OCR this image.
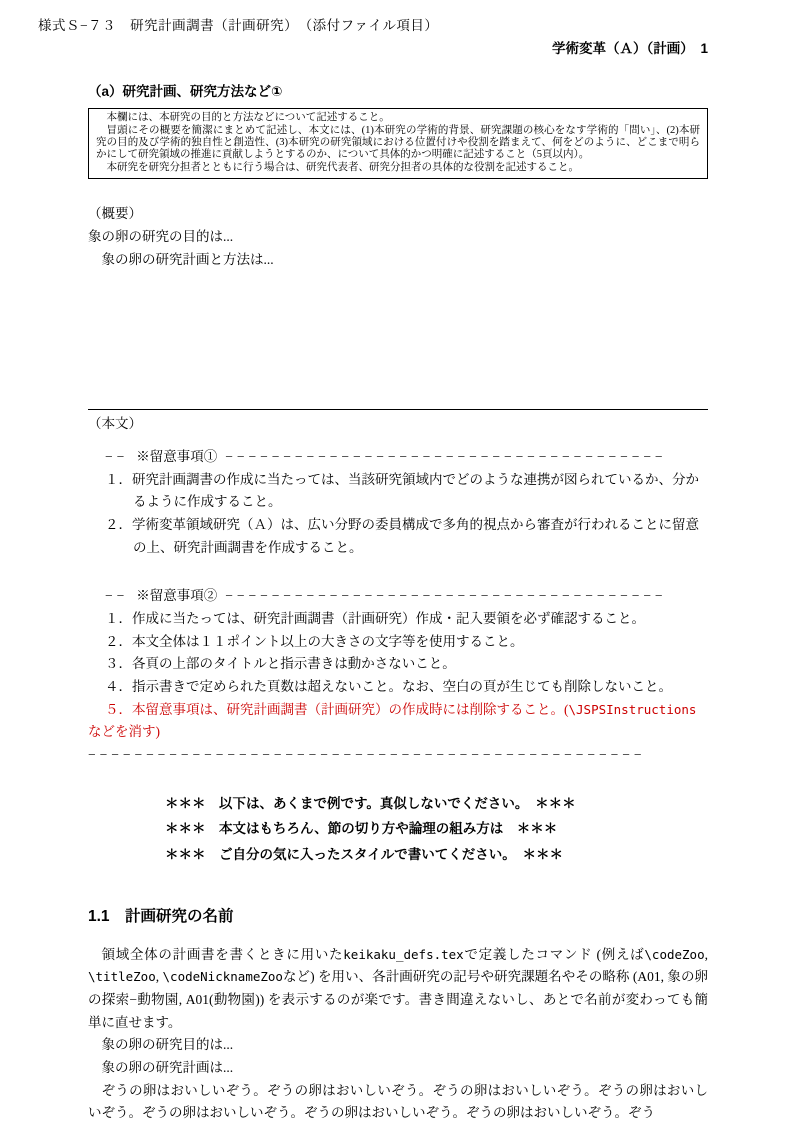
様式Ｓ−７３　研究計画調書（計画研究）　（添付ファイル項目）
学術変革（Ａ）（計画）　1
（a）研究計画、研究方法など①

本欄には、本研究の目的と方法などについて記述すること。

冒頭にその概要を簡潔にまとめて記述し、本文には、(1)本研究の学術的背景、研究課題の核心をなす学術的「問い」、(2)本研究の目的及び学術的独自性と創造性、(3)本研究の研究領域における位置付けや役割を踏まえて、何をどのように、どこまで明らかにして研究領域の推進に貢献しようとするのか、について具体的かつ明確に記述すること（5頁以内）。

本研究を研究分担者とともに行う場合は、研究代表者、研究分担者の具体的な役割を記述すること。

（概要）
象の卵の研究の目的は...
象の卵の研究計画と方法は...
（本文）
−− ※留意事項① −−−−−−−−−−−−−−−−−−−−−−−−−−−−−−−−−−−−−−
１．研究計画調書の作成に当たっては、当該研究領域内でどのような連携が図られているか、分かるように作成すること。
２．学術変革領域研究（Ａ）は、広い分野の委員構成で多角的視点から審査が行われることに留意の上、研究計画調書を作成すること。
−− ※留意事項② −−−−−−−−−−−−−−−−−−−−−−−−−−−−−−−−−−−−−−
１．作成に当たっては、研究計画調書（計画研究）作成・記入要領を必ず確認すること。
２．本文全体は１１ポイント以上の大きさの文字等を使用すること。
３．各頁の上部のタイトルと指示書きは動かさないこと。
４．指示書きで定められた頁数は超えないこと。なお、空白の頁が生じても削除しないこと。
５．本留意事項は、研究計画調書（計画研究）の作成時には削除すること。(\JSPSInstructions などを消す)
−−−−−−−−−−−−−−−−−−−−−−−−−−−−−−−−−−−−−−−−−−−−−−−−
＊＊＊　以下は、あくまで例です。真似しないでください。　＊＊＊
＊＊＊　本文はもちろん、節の切り方や論理の組み方は　＊＊＊
＊＊＊　ご自分の気に入ったスタイルで書いてください。　＊＊＊
1.1　計画研究の名前
領域全体の計画書を書くときに用いたkeikaku_defs.texで定義したコマンド (例えば\codeZoo, \titleZoo, \codeNicknameZooなど) を用い、各計画研究の記号や研究課題名やその略称 (A01, 象の卵の探索−動物園, A01(動物園)) を表示するのが楽です。書き間違えないし、あとで名前が変わっても簡単に直せます。
象の卵の研究目的は...
象の卵の研究計画は...
ぞうの卵はおいしいぞう。ぞうの卵はおいしいぞう。ぞうの卵はおいしいぞう。ぞうの卵はおいしいぞう。ぞうの卵はおいしいぞう。ぞうの卵はおいしいぞう。ぞうの卵はおいしいぞう。ぞう
